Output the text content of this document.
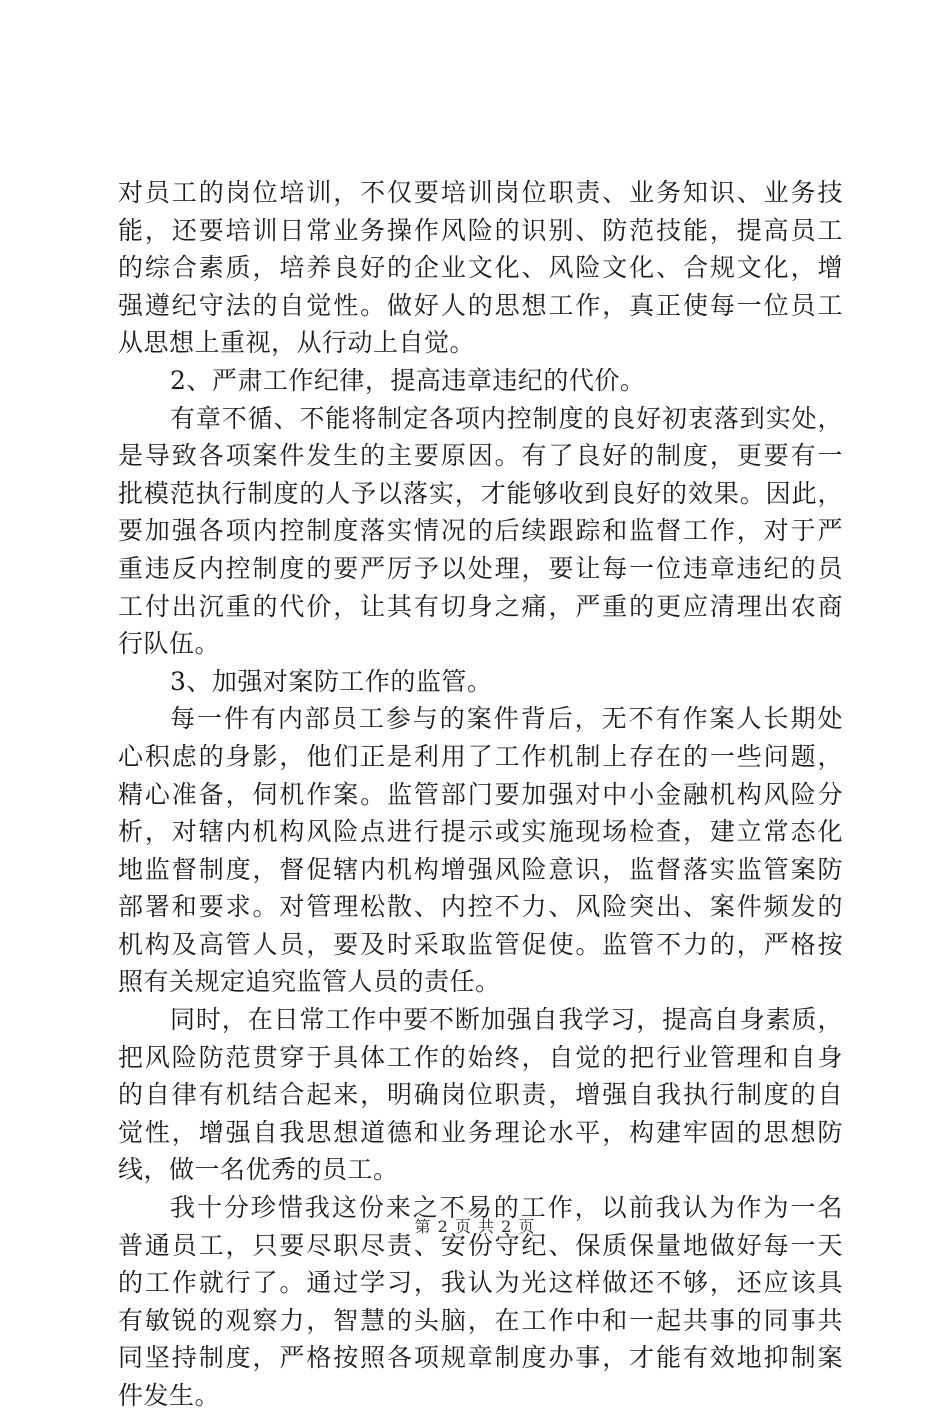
对员工的岗位培训，不仅要培训岗位职责、业务知识、业务技
能，还要培训日常业务操作风险的识别、防范技能，提高员工
的综合素质，培养良好的企业文化、风险文化、合规文化，增
强遵纪守法的自觉性。做好人的思想工作，真正使每一位员工
从思想上重视，从行动上自觉。
2、严肃工作纪律，提高违章违纪的代价。
有章不循、不能将制定各项内控制度的良好初衷落到实处，
是导致各项案件发生的主要原因。有了良好的制度，更要有一
批模范执行制度的人予以落实，才能够收到良好的效果。因此，
要加强各项内控制度落实情况的后续跟踪和监督工作，对于严
重违反内控制度的要严厉予以处理，要让每一位违章违纪的员
工付出沉重的代价，让其有切身之痛，严重的更应清理出农商
行队伍。
3、加强对案防工作的监管。
每一件有内部员工参与的案件背后，无不有作案人长期处
心积虑的身影，他们正是利用了工作机制上存在的一些问题，
精心准备，伺机作案。监管部门要加强对中小金融机构风险分
析，对辖内机构风险点进行提示或实施现场检查，建立常态化
地监督制度，督促辖内机构增强风险意识，监督落实监管案防
部署和要求。对管理松散、内控不力、风险突出、案件频发的
机构及高管人员，要及时采取监管促使。监管不力的，严格按
照有关规定追究监管人员的责任。
同时，在日常工作中要不断加强自我学习，提高自身素质，
把风险防范贯穿于具体工作的始终，自觉的把行业管理和自身
的自律有机结合起来，明确岗位职责，增强自我执行制度的自
觉性，增强自我思想道德和业务理论水平，构建牢固的思想防
线，做一名优秀的员工。
我十分珍惜我这份来之不易的工作，以前我认为作为一名
普通员工，只要尽职尽责、安份守纪、保质保量地做好每一天
的工作就行了。通过学习，我认为光这样做还不够，还应该具
有敏锐的观察力，智慧的头脑，在工作中和一起共事的同事共
同坚持制度，严格按照各项规章制度办事，才能有效地抑制案
件发生。
第 2 页 共 2 页
